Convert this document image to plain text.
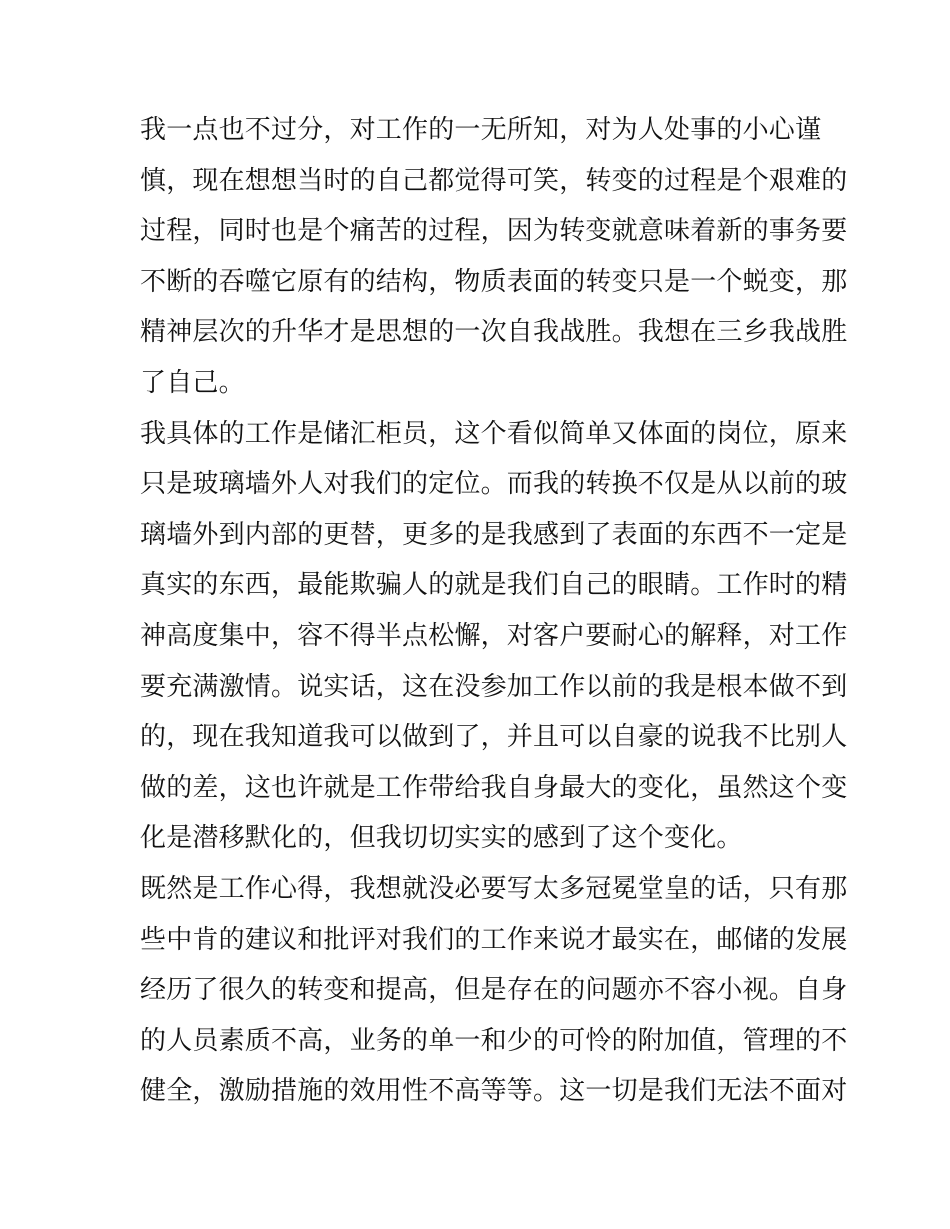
我一点也不过分，对工作的一无所知，对为人处事的小心谨
慎，现在想想当时的自己都觉得可笑，转变的过程是个艰难的
过程，同时也是个痛苦的过程，因为转变就意味着新的事务要
不断的吞噬它原有的结构，物质表面的转变只是一个蜕变，那
精神层次的升华才是思想的一次自我战胜。我想在三乡我战胜
了自己。
我具体的工作是储汇柜员，这个看似简单又体面的岗位，原来
只是玻璃墙外人对我们的定位。而我的转换不仅是从以前的玻
璃墙外到内部的更替，更多的是我感到了表面的东西不一定是
真实的东西，最能欺骗人的就是我们自己的眼睛。工作时的精
神高度集中，容不得半点松懈，对客户要耐心的解释，对工作
要充满激情。说实话，这在没参加工作以前的我是根本做不到
的，现在我知道我可以做到了，并且可以自豪的说我不比别人
做的差，这也许就是工作带给我自身最大的变化，虽然这个变
化是潜移默化的，但我切切实实的感到了这个变化。
既然是工作心得，我想就没必要写太多冠冕堂皇的话，只有那
些中肯的建议和批评对我们的工作来说才最实在，邮储的发展
经历了很久的转变和提高，但是存在的问题亦不容小视。自身
的人员素质不高，业务的单一和少的可怜的附加值，管理的不
健全，激励措施的效用性不高等等。这一切是我们无法不面对
